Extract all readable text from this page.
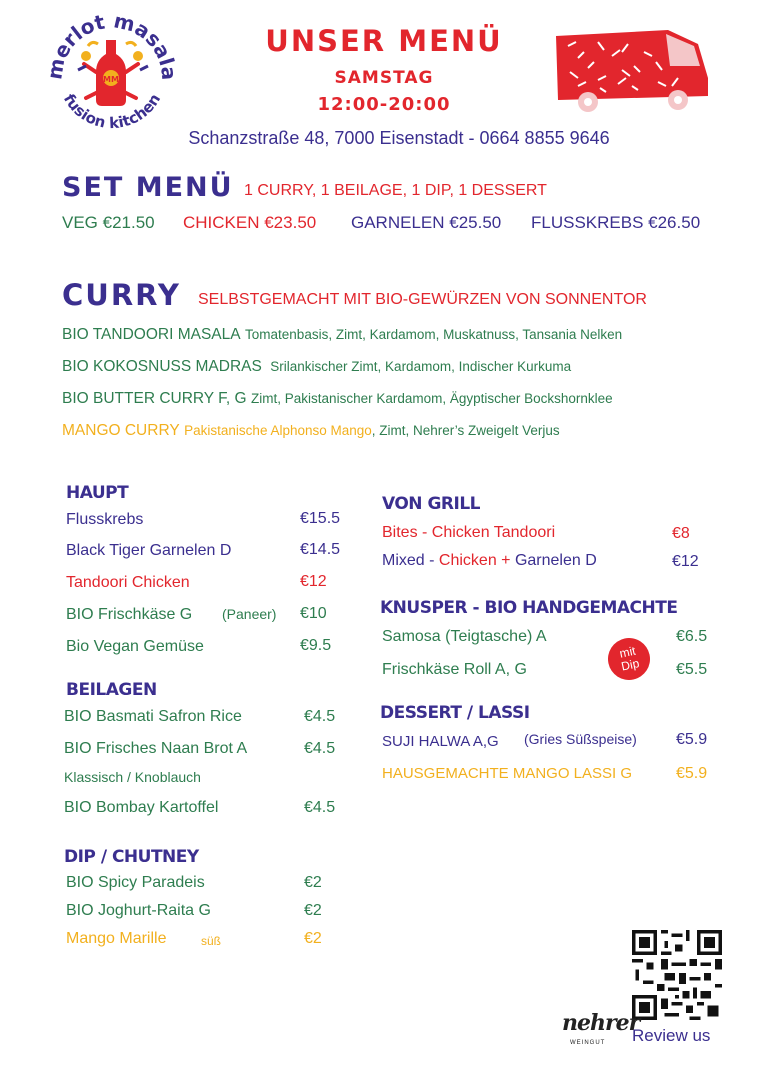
erlot masa
fusion kitchen
MM
UNSER MENÜ
SAMSTAG
12:00-20:00
Schanzstraße 48, 7000 Eisenstadt - 0664 8855 9646
SET MENÜ 1 CURRY, 1 BEILAGE, 1 DIP, 1 DESSERT
VEG €21.50 CHICKEN €23.50 GARNELEN €25.50 FLUSSKREBS €26.50
CURRY SELBSTGEMACHT MIT BIO-GEWÜRZEN VON SONNENTOR
BIO TANDOORI MASALA Tomatenbasis, Zimt, Kardamom, Muskatnuss, Tansania Nelken
BIO KOKOSNUSS MADRAS Srilankischer Zimt, Kardamom, Indischer Kurkuma
BIO BUTTER CURRY F, G Zimt, Pakistanischer Kardamom, Ägyptischer Bockshornklee
MANGO CURRY Pakistanische Alphonso Mango, Zimt, Nehrer’s Zweigelt Verjus
HAUPT
Flusskrebs	€15.5
Black Tiger Garnelen D	€14.5
Tandoori Chicken	€12
BIO Frischkäse G (Paneer) €10
Bio Vegan Gemüse	€9.5
BEILAGEN
BIO Basmati Safron Rice	€4.5
BIO Frisches Naan Brot A	€4.5
Klassisch / Knoblauch
BIO Bombay Kartoffel	€4.5
DIP / CHUTNEY
BIO Spicy Paradeis	€2
BIO Joghurt-Raita G	€2
Mango Marille	süß	€2
VON GRILL
Bites - Chicken Tandoori	€8
Mixed - Chicken + Garnelen D	€12
KNUSPER - BIO HANDGEMACHTE
Samosa (Teigtasche) A	€6.5
Frischkäse Roll A, G	€5.5
mit
Dip
DESSERT / LASSI
SUJI HALWA A,G (Gries Süßspeise) €5.9
HAUSGEMACHTE MANGO LASSI G	€5.9
nehrer
WEINGUT Review us
